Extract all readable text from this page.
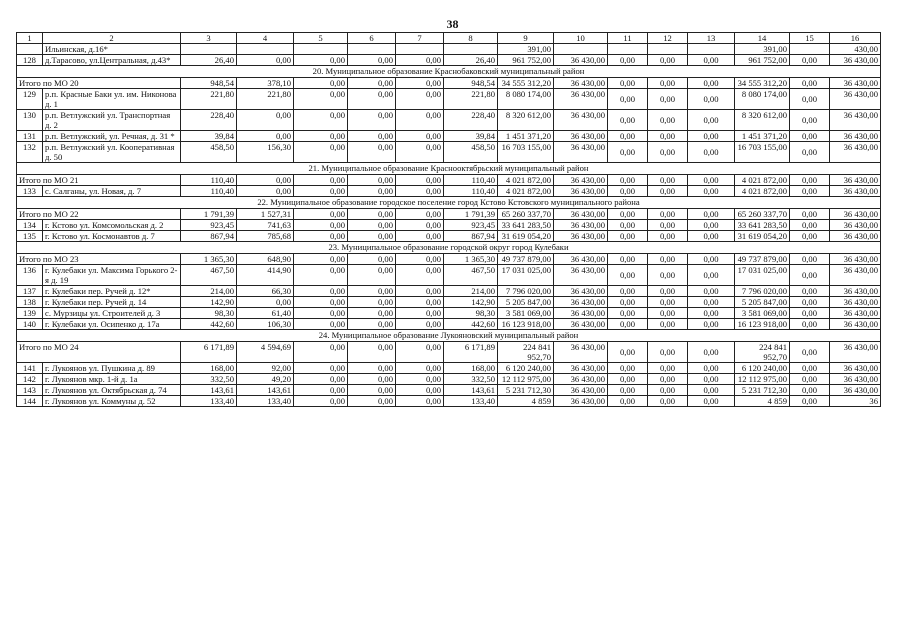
38
1	2	3	4	5	6	7	8	9	10	11	12	13	14	15	16
	Ильинская, д.16*							391,00					391,00		430,00
128	д.Тарасово, ул.Центральная, д.43*	26,40	0,00	0,00	0,00	0,00	26,40	961 752,00	36 430,00	0,00	0,00	0,00	961 752,00	0,00	36 430,00
20. Муниципальное образование Краснобаковский муниципальный район															
Итого по МО 20		948,54	378,10	0,00	0,00	0,00	948,54	34 555 312,20	36 430,00	0,00	0,00	0,00	34 555 312,20	0,00	36 430,00
129	р.п. Красные Баки ул. им. Никонова д. 1	221,80	221,80	0,00	0,00	0,00	221,80	8 080 174,00	36 430,00	0,00	0,00	0,00	8 080 174,00	0,00	36 430,00
130	р.п. Ветлужский ул. Транспортная д. 2	228,40	0,00	0,00	0,00	0,00	228,40	8 320 612,00	36 430,00	0,00	0,00	0,00	8 320 612,00	0,00	36 430,00
131	р.п. Ветлужский, ул. Речная, д. 31 *	39,84	0,00	0,00	0,00	0,00	39,84	1 451 371,20	36 430,00	0,00	0,00	0,00	1 451 371,20	0,00	36 430,00
132	р.п. Ветлужский ул. Кооперативная д. 50	458,50	156,30	0,00	0,00	0,00	458,50	16 703 155,00	36 430,00	0,00	0,00	0,00	16 703 155,00	0,00	36 430,00
21. Муниципальное образование Краснооктябрьский муниципальный район															
Итого по МО 21		110,40	0,00	0,00	0,00	0,00	110,40	4 021 872,00	36 430,00	0,00	0,00	0,00	4 021 872,00	0,00	36 430,00
133	с. Салганы, ул. Новая, д. 7	110,40	0,00	0,00	0,00	0,00	110,40	4 021 872,00	36 430,00	0,00	0,00	0,00	4 021 872,00	0,00	36 430,00
22. Муниципальное образование городское поселение город Кстово Кстовского муниципального района															
Итого по МО 22		1 791,39	1 527,31	0,00	0,00	0,00	1 791,39	65 260 337,70	36 430,00	0,00	0,00	0,00	65 260 337,70	0,00	36 430,00
134	г. Кстово ул. Комсомольская д. 2	923,45	741,63	0,00	0,00	0,00	923,45	33 641 283,50	36 430,00	0,00	0,00	0,00	33 641 283,50	0,00	36 430,00
135	г. Кстово ул. Космонавтов д. 7	867,94	785,68	0,00	0,00	0,00	867,94	31 619 054,20	36 430,00	0,00	0,00	0,00	31 619 054,20	0,00	36 430,00
23. Муниципальное образование городской округ город Кулебаки															
Итого по МО 23		1 365,30	648,90	0,00	0,00	0,00	1 365,30	49 737 879,00	36 430,00	0,00	0,00	0,00	49 737 879,00	0,00	36 430,00
136	г. Кулебаки ул. Максима Горького 2-я д. 19	467,50	414,90	0,00	0,00	0,00	467,50	17 031 025,00	36 430,00	0,00	0,00	0,00	17 031 025,00	0,00	36 430,00
137	г. Кулебаки пер. Ручей д. 12*	214,00	66,30	0,00	0,00	0,00	214,00	7 796 020,00	36 430,00	0,00	0,00	0,00	7 796 020,00	0,00	36 430,00
138	г. Кулебаки пер. Ручей д. 14	142,90	0,00	0,00	0,00	0,00	142,90	5 205 847,00	36 430,00	0,00	0,00	0,00	5 205 847,00	0,00	36 430,00
139	с. Мурзицы ул. Строителей д. 3	98,30	61,40	0,00	0,00	0,00	98,30	3 581 069,00	36 430,00	0,00	0,00	0,00	3 581 069,00	0,00	36 430,00
140	г. Кулебаки ул. Осипенко д. 17а	442,60	106,30	0,00	0,00	0,00	442,60	16 123 918,00	36 430,00	0,00	0,00	0,00	16 123 918,00	0,00	36 430,00
24. Муниципальное образование Лукояновский муниципальный район															
Итого по МО 24		6 171,89	4 594,69	0,00	0,00	0,00	6 171,89	224 841 952,70	36 430,00	0,00	0,00	0,00	224 841 952,70	0,00	36 430,00
141	г. Лукоянов ул. Пушкина д. 89	168,00	92,00	0,00	0,00	0,00	168,00	6 120 240,00	36 430,00	0,00	0,00	0,00	6 120 240,00	0,00	36 430,00
142	г. Лукоянов мкр. 1-й д. 1а	332,50	49,20	0,00	0,00	0,00	332,50	12 112 975,00	36 430,00	0,00	0,00	0,00	12 112 975,00	0,00	36 430,00
143	г. Лукоянов ул. Октябрьская д. 74	143,61	143,61	0,00	0,00	0,00	143,61	5 231 712,30	36 430,00	0,00	0,00	0,00	5 231 712,30	0,00	36 430,00
144	г. Лукоянов ул. Коммуны д. 52	133,40	133,40	0,00	0,00	0,00	133,40	4 859	36 430,00	0,00	0,00	0,00	4 859	0,00	36
